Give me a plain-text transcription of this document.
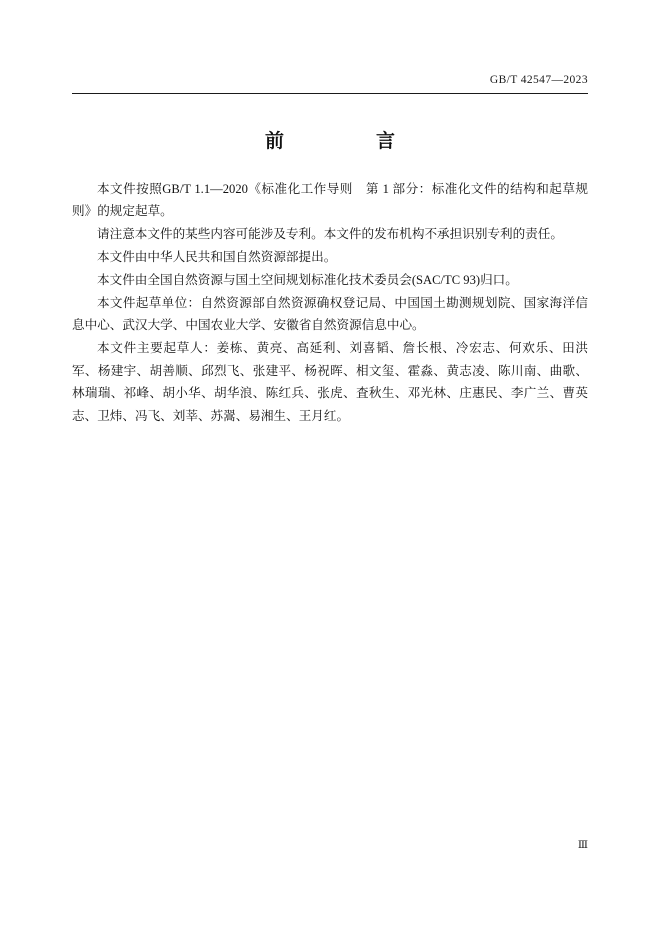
GB/T 42547—2023
前　　言

本文件按照GB/T 1.1—2020《标准化工作导则　第 1 部分：标准化文件的结构和起草规则》的规定起草。

请注意本文件的某些内容可能涉及专利。本文件的发布机构不承担识别专利的责任。

本文件由中华人民共和国自然资源部提出。

本文件由全国自然资源与国土空间规划标准化技术委员会(SAC/TC 93)归口。

本文件起草单位：自然资源部自然资源确权登记局、中国国土勘测规划院、国家海洋信息中心、武汉大学、中国农业大学、安徽省自然资源信息中心。

本文件主要起草人：姜栋、黄亮、高延利、刘喜韬、詹长根、冷宏志、何欢乐、田洪军、杨建宇、胡善顺、邱烈飞、张建平、杨祝晖、相文玺、霍淼、黄志凌、陈川南、曲歌、林瑞瑞、祁峰、胡小华、胡华浪、陈红兵、张虎、査秋生、邓光林、庄惠民、李广兰、曹英志、卫炜、冯飞、刘莘、苏翯、易湘生、王月红。

Ⅲ
